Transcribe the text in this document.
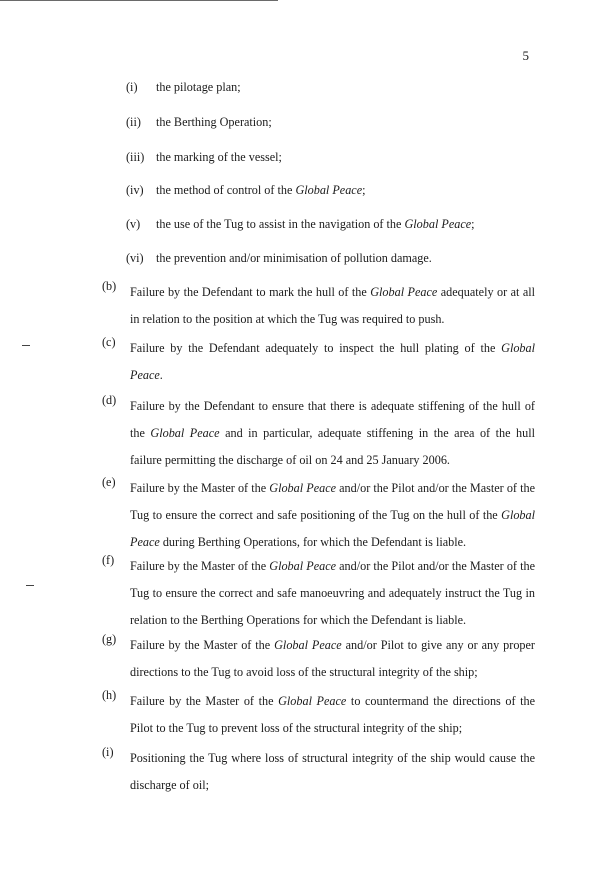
5
(i) the pilotage plan;
(ii) the Berthing Operation;
(iii) the marking of the vessel;
(iv) the method of control of the Global Peace;
(v) the use of the Tug to assist in the navigation of the Global Peace;
(vi) the prevention and/or minimisation of pollution damage.
(b) Failure by the Defendant to mark the hull of the Global Peace adequately or at all in relation to the position at which the Tug was required to push.
(c) Failure by the Defendant adequately to inspect the hull plating of the Global Peace.
(d) Failure by the Defendant to ensure that there is adequate stiffening of the hull of the Global Peace and in particular, adequate stiffening in the area of the hull failure permitting the discharge of oil on 24 and 25 January 2006.
(e) Failure by the Master of the Global Peace and/or the Pilot and/or the Master of the Tug to ensure the correct and safe positioning of the Tug on the hull of the Global Peace during Berthing Operations, for which the Defendant is liable.
(f) Failure by the Master of the Global Peace and/or the Pilot and/or the Master of the Tug to ensure the correct and safe manoeuvring and adequately instruct the Tug in relation to the Berthing Operations for which the Defendant is liable.
(g) Failure by the Master of the Global Peace and/or Pilot to give any or any proper directions to the Tug to avoid loss of the structural integrity of the ship;
(h) Failure by the Master of the Global Peace to countermand the directions of the Pilot to the Tug to prevent loss of the structural integrity of the ship;
(i) Positioning the Tug where loss of structural integrity of the ship would cause the discharge of oil;
